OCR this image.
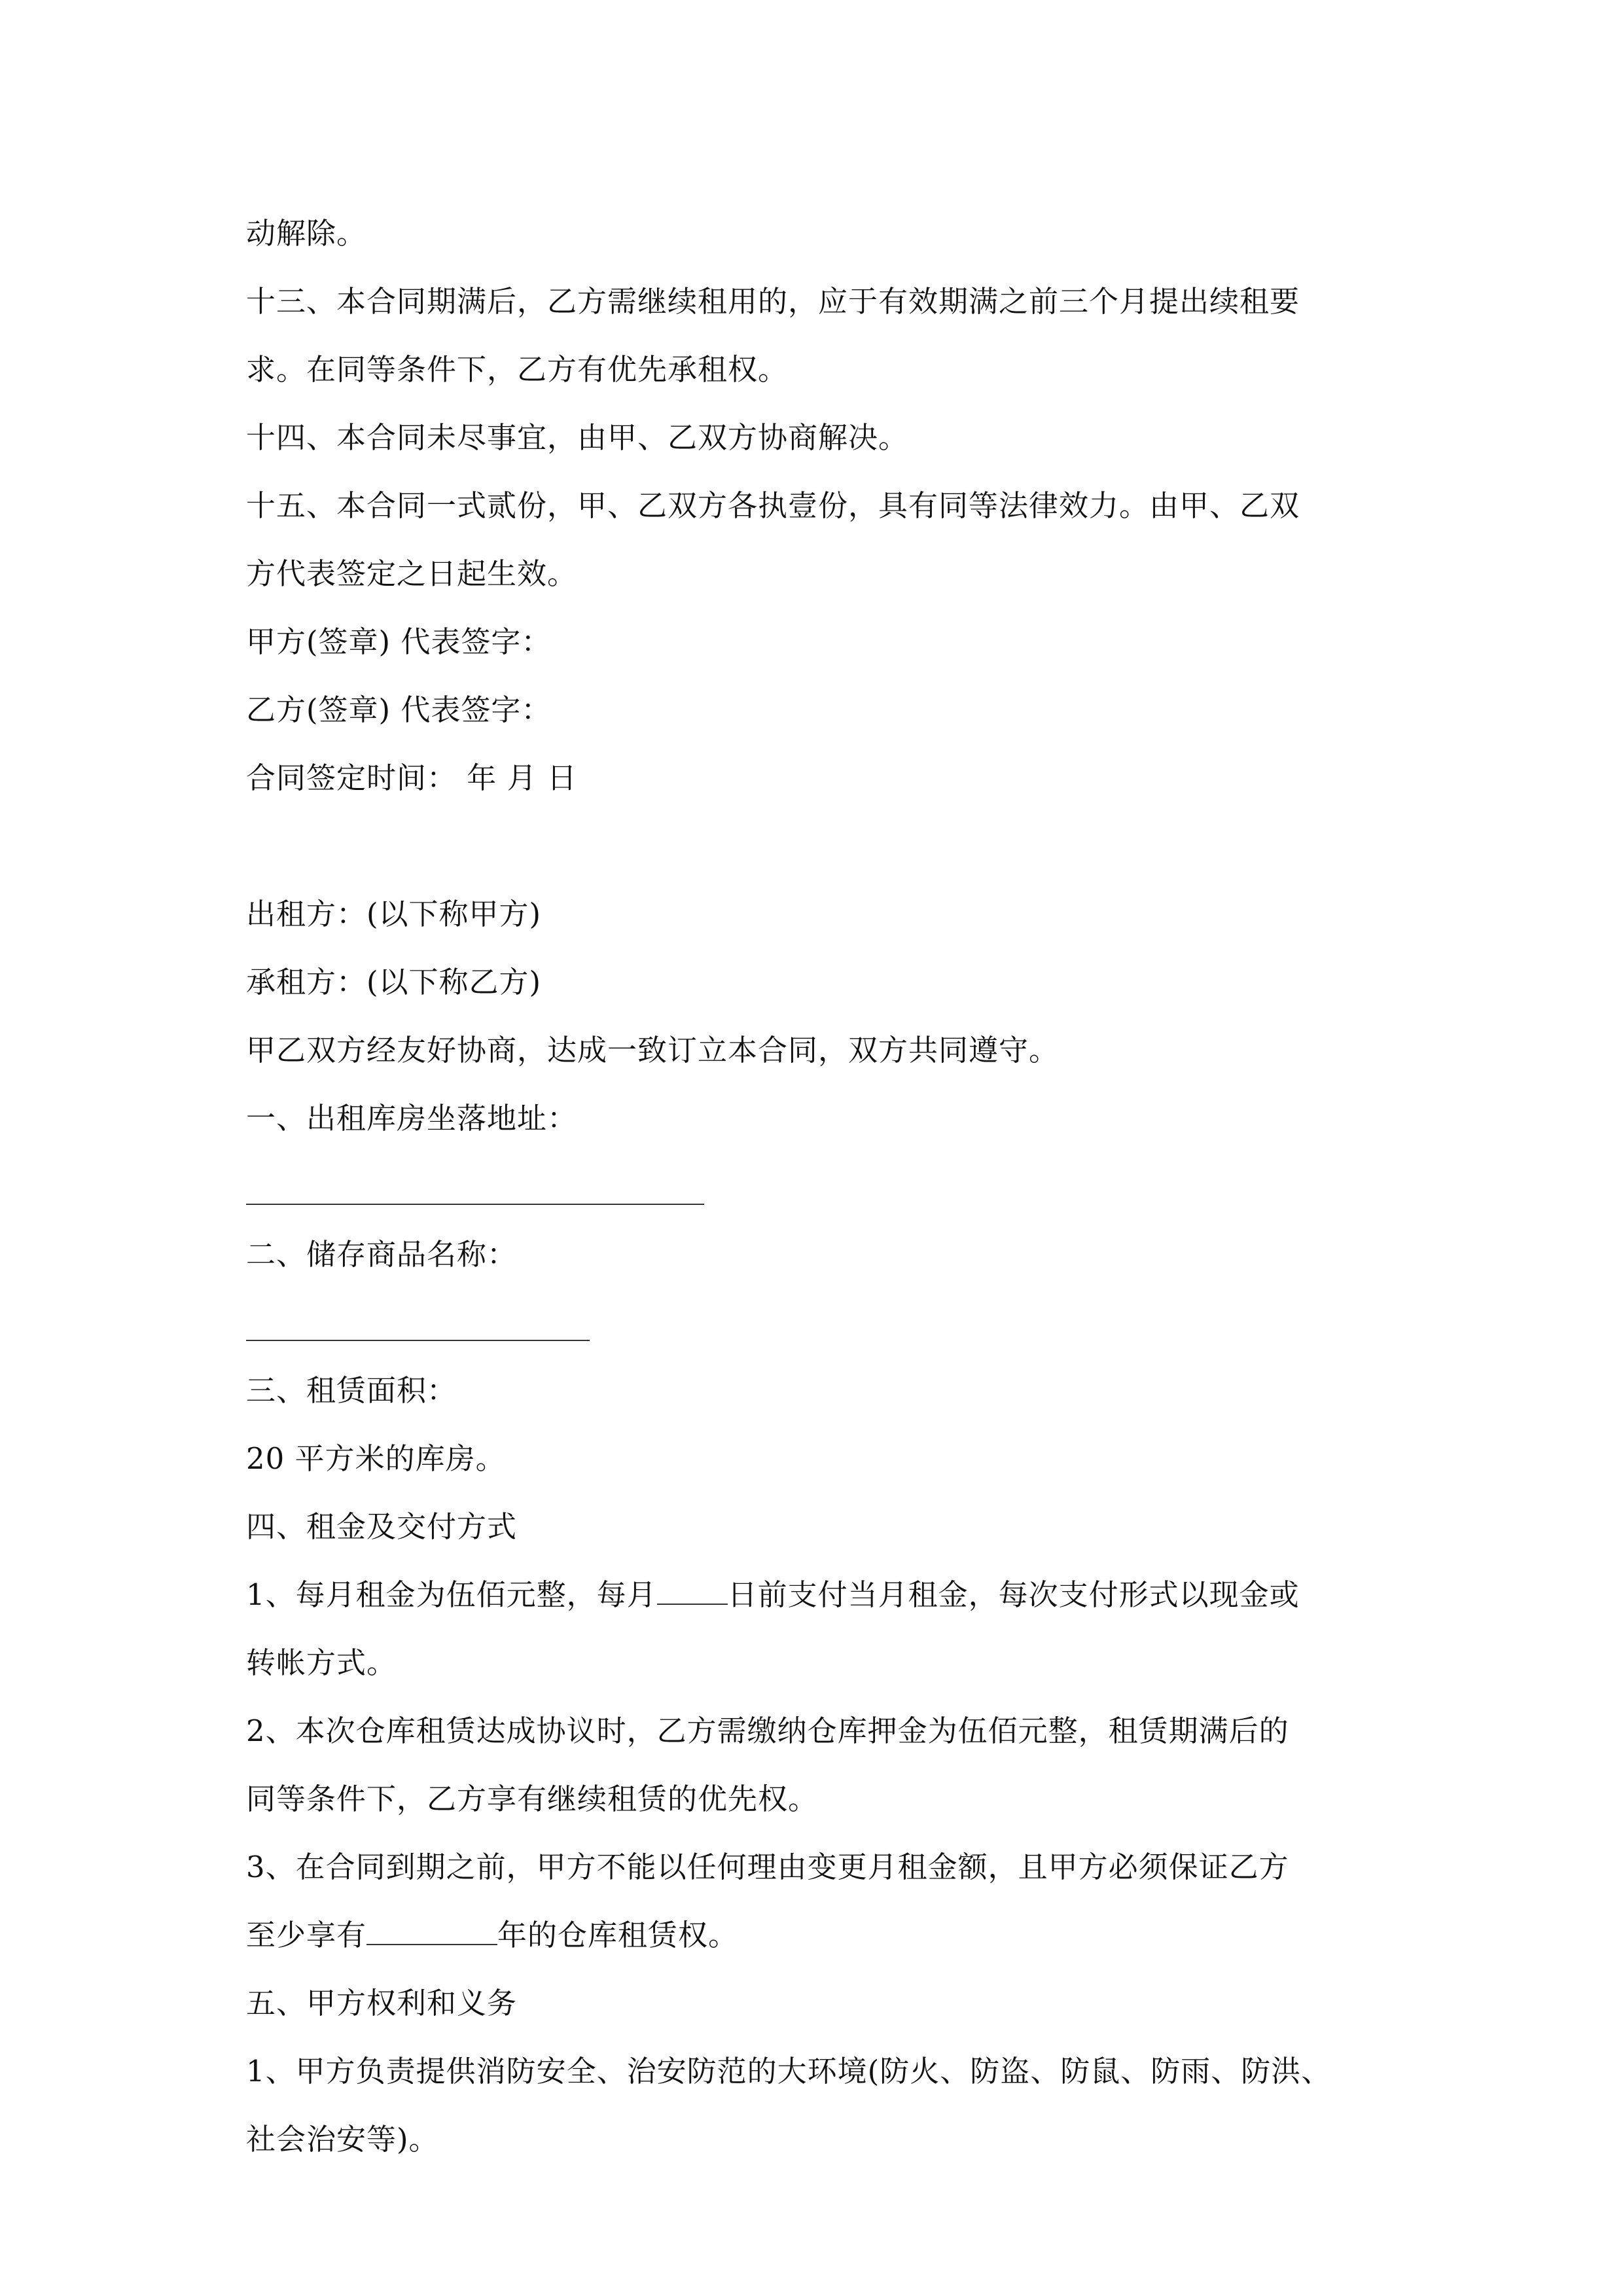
动解除。
十三、本合同期满后，乙方需继续租用的，应于有效期满之前三个月提出续租要
求。在同等条件下，乙方有优先承租权。
十四、本合同未尽事宜，由甲、乙双方协商解决。
十五、本合同一式贰份，甲、乙双方各执壹份，具有同等法律效力。由甲、乙双
方代表签定之日起生效。
甲方(签章) 代表签字：
乙方(签章) 代表签字：
合同签定时间： 年 月 日
出租方：(以下称甲方)
承租方：(以下称乙方)
甲乙双方经友好协商，达成一致订立本合同，双方共同遵守。
一、出租库房坐落地址：
二、储存商品名称：
三、租赁面积：
20 平方米的库房。
四、租金及交付方式
1、每月租金为伍佰元整，每月 日前支付当月租金，每次支付形式以现金或
转帐方式。
2、本次仓库租赁达成协议时，乙方需缴纳仓库押金为伍佰元整，租赁期满后的
同等条件下，乙方享有继续租赁的优先权。
3、在合同到期之前，甲方不能以任何理由变更月租金额，且甲方必须保证乙方
至少享有	年的仓库租赁权。
五、甲方权利和义务
1、甲方负责提供消防安全、治安防范的大环境(防火、防盗、防鼠、防雨、防洪、
社会治安等)。
